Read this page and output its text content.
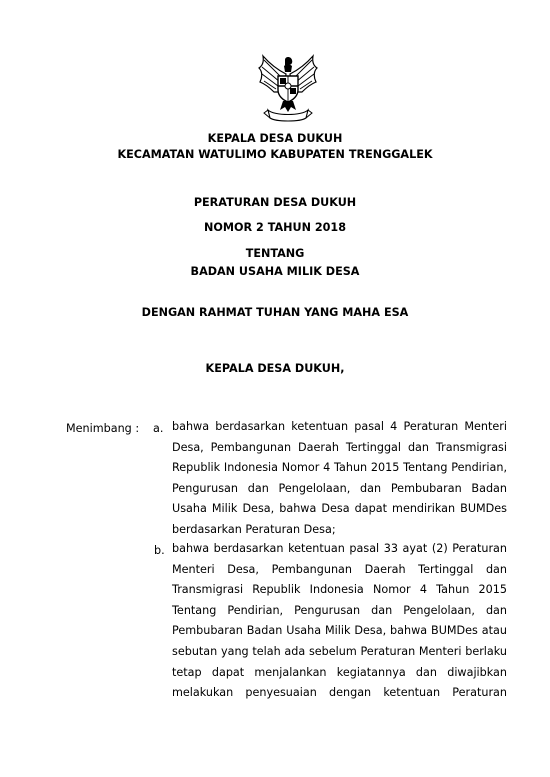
KEPALA DESA DUKUH
KECAMATAN WATULIMO KABUPATEN TRENGGALEK
PERATURAN DESA DUKUH
NOMOR 2 TAHUN 2018
TENTANG
BADAN USAHA MILIK DESA
DENGAN RAHMAT TUHAN YANG MAHA ESA
KEPALA DESA DUKUH,
Menimbang : a. bahwa berdasarkan ketentuan pasal 4 Peraturan Menteri
Desa, Pembangunan Daerah Tertinggal dan Transmigrasi
Republik Indonesia Nomor 4 Tahun 2015 Tentang Pendirian,
Pengurusan dan Pengelolaan, dan Pembubaran Badan
Usaha Milik Desa, bahwa Desa dapat mendirikan BUMDes
berdasarkan Peraturan Desa;
b. bahwa berdasarkan ketentuan pasal 33 ayat (2) Peraturan
Menteri Desa, Pembangunan Daerah Tertinggal dan
Transmigrasi Republik Indonesia Nomor 4 Tahun 2015
Tentang Pendirian, Pengurusan dan Pengelolaan, dan
Pembubaran Badan Usaha Milik Desa, bahwa BUMDes atau
sebutan yang telah ada sebelum Peraturan Menteri berlaku
tetap dapat menjalankan kegiatannya dan diwajibkan
melakukan penyesuaian dengan ketentuan Peraturan
